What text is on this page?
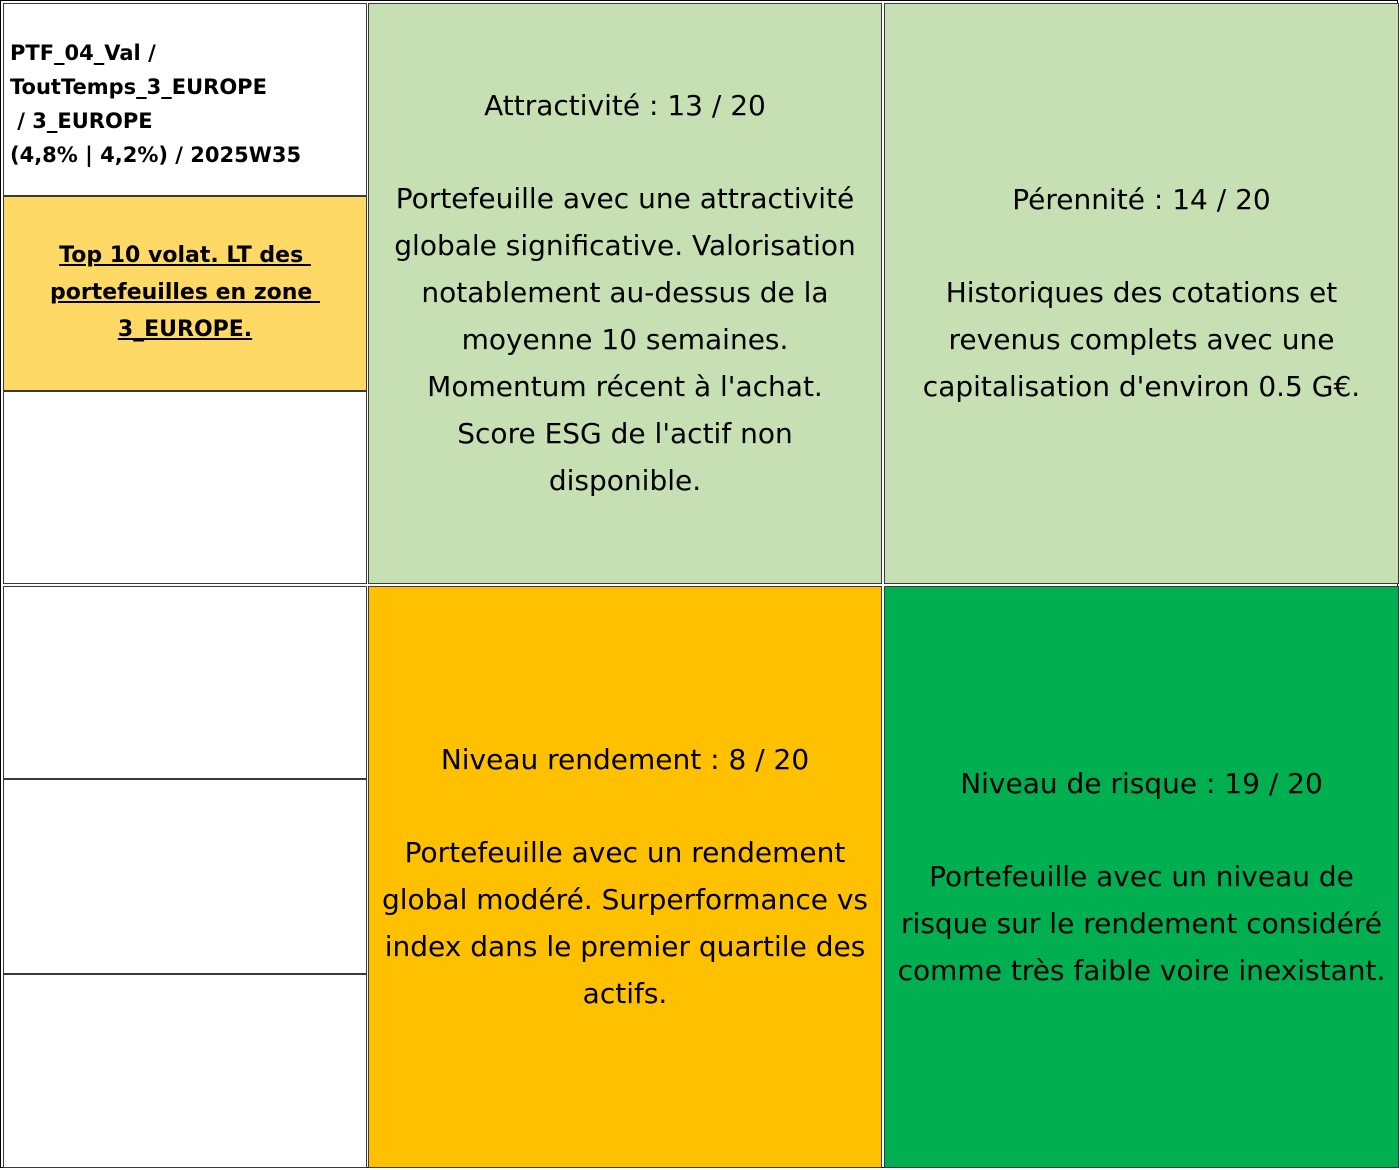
PTF_04_Val /
ToutTemps_3_EUROPE
/ 3_EUROPE
(4,8% | 4,2%) / 2025W35
Top 10 volat. LT des
portefeuilles en zone
3_EUROPE.
Attractivité : 13 / 20
Portefeuille avec une attractivité globale significative. Valorisation notablement au-dessus de la moyenne 10 semaines. Momentum récent à l'achat. Score ESG de l'actif non disponible.
Pérennité : 14 / 20
Historiques des cotations et revenus complets avec une capitalisation d'environ 0.5 G€.
Niveau rendement : 8 / 20
Portefeuille avec un rendement global modéré. Surperformance vs index dans le premier quartile des actifs.
Niveau de risque : 19 / 20
Portefeuille avec un niveau de risque sur le rendement considéré comme très faible voire inexistant.
